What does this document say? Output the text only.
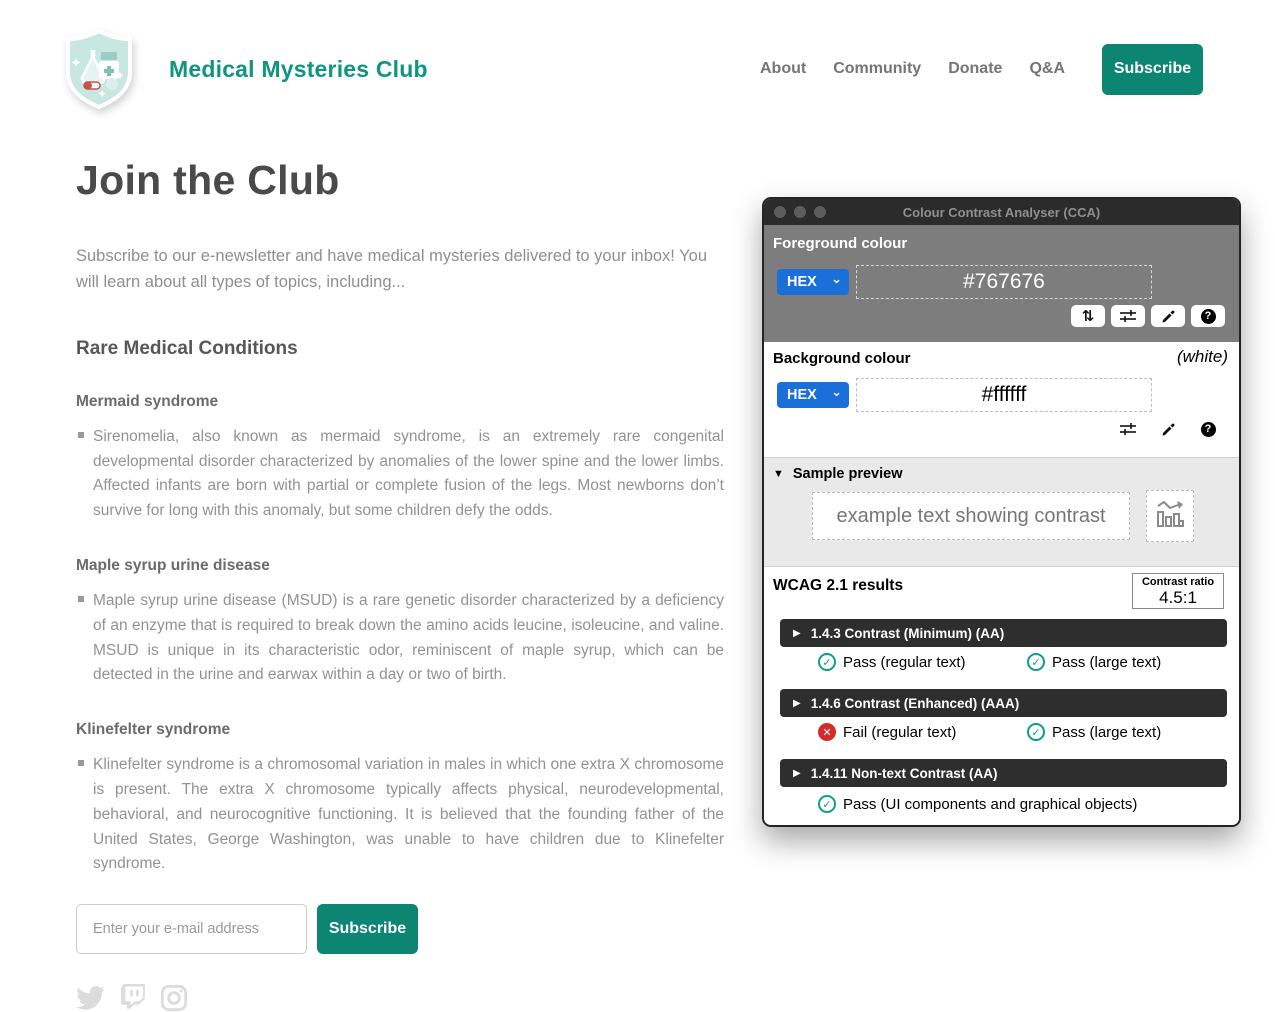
Medical Mysteries Club	About Community Donate Q&A	Subscribe
Join the Club

Subscribe to our e-newsletter and have medical mysteries delivered to your inbox! You will learn about all types of topics, including...

Rare Medical Conditions
Mermaid syndrome

Sirenomelia, also known as mermaid syndrome, is an extremely rare congenital developmental disorder characterized by anomalies of the lower spine and the lower limbs. Affected infants are born with partial or complete fusion of the legs. Most newborns don’t survive for long with this anomaly, but some children defy the odds.

Maple syrup urine disease

Maple syrup urine disease (MSUD) is a rare genetic disorder characterized by a deficiency of an enzyme that is required to break down the amino acids leucine, isoleucine, and valine. MSUD is unique in its characteristic odor, reminiscent of maple syrup, which can be detected in the urine and earwax within a day or two of birth.

Klinefelter syndrome

Klinefelter syndrome is a chromosomal variation in males in which one extra X chromosome is present. The extra X chromosome typically affects physical, neurodevelopmental, behavioral, and neurocognitive functioning. It is believed that the founding father of the United States, George Washington, was unable to have children due to Klinefelter syndrome.

Enter your e-mail address
Subscribe
Colour Contrast Analyser (CCA)
Foreground colour
HEX ⌄	#767676
⇅	?
Background colour	(white)
HEX ⌄	#ffffff
?
▼ Sample preview
example text showing contrast
WCAG 2.1 results	Contrast ratio
4.5:1
▶ 1.4.3 Contrast (Minimum) (AA)
✓ Pass (regular text)	✓ Pass (large text)
▶ 1.4.6 Contrast (Enhanced) (AAA)
✕ Fail (regular text)	✓ Pass (large text)
▶ 1.4.11 Non-text Contrast (AA)
✓ Pass (UI components and graphical objects)
